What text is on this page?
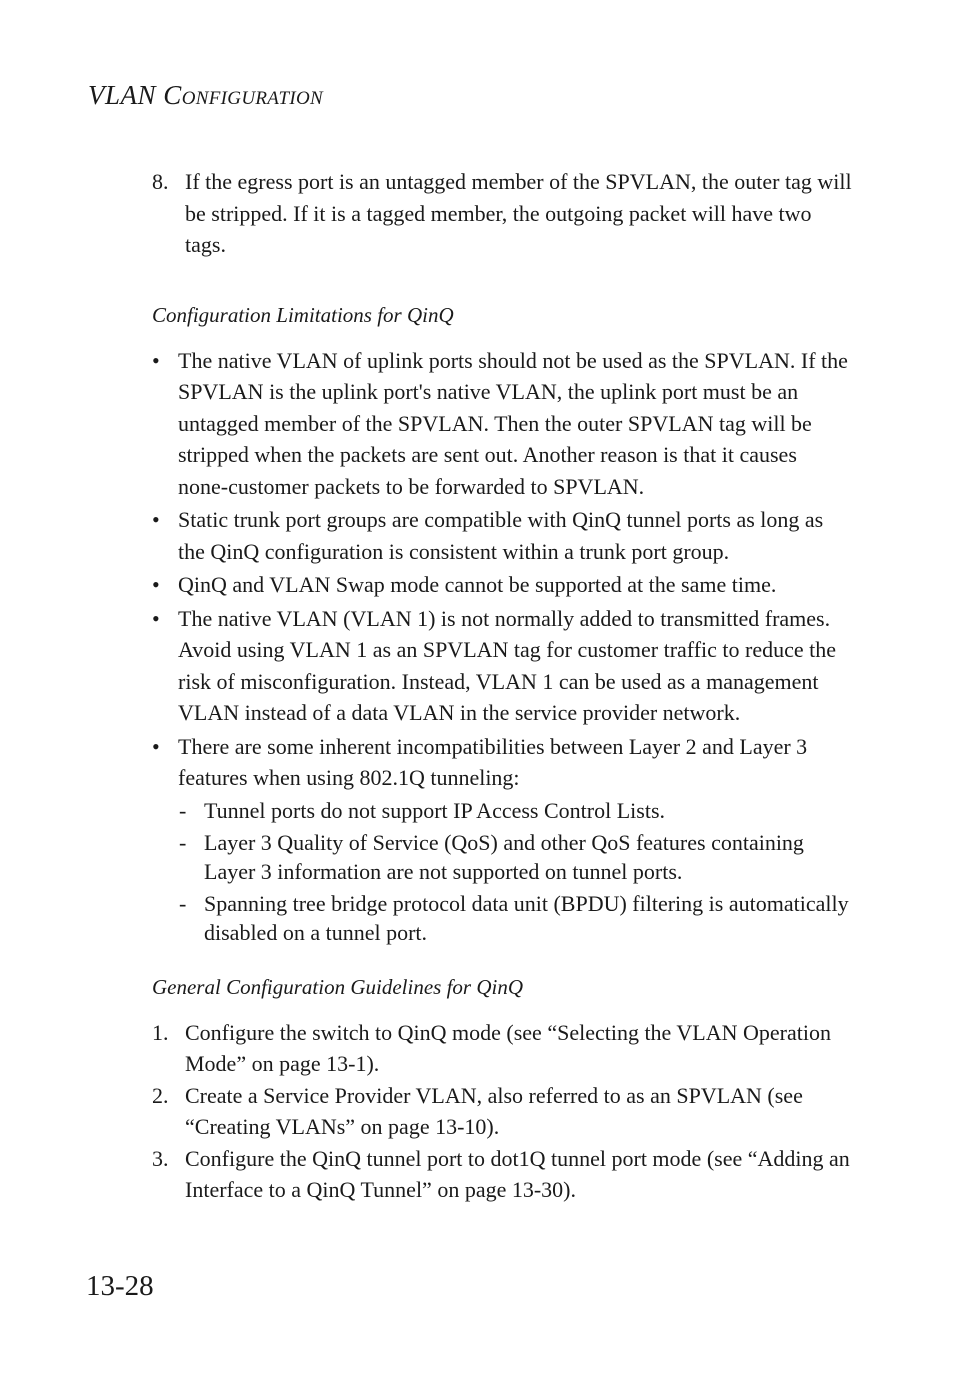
VLAN CONFIGURATION
8. If the egress port is an untagged member of the SPVLAN, the outer tag will be stripped. If it is a tagged member, the outgoing packet will have two tags.

Configuration Limitations for QinQ

• The native VLAN of uplink ports should not be used as the SPVLAN. If the SPVLAN is the uplink port's native VLAN, the uplink port must be an untagged member of the SPVLAN. Then the outer SPVLAN tag will be stripped when the packets are sent out. Another reason is that it causes none-customer packets to be forwarded to SPVLAN.
• Static trunk port groups are compatible with QinQ tunnel ports as long as the QinQ configuration is consistent within a trunk port group.
• QinQ and VLAN Swap mode cannot be supported at the same time.
• The native VLAN (VLAN 1) is not normally added to transmitted frames. Avoid using VLAN 1 as an SPVLAN tag for customer traffic to reduce the risk of misconfiguration. Instead, VLAN 1 can be used as a management VLAN instead of a data VLAN in the service provider network.
• There are some inherent incompatibilities between Layer 2 and Layer 3 features when using 802.1Q tunneling:
- Tunnel ports do not support IP Access Control Lists.
- Layer 3 Quality of Service (QoS) and other QoS features containing Layer 3 information are not supported on tunnel ports.
- Spanning tree bridge protocol data unit (BPDU) filtering is automatically disabled on a tunnel port.

General Configuration Guidelines for QinQ

1. Configure the switch to QinQ mode (see “Selecting the VLAN Operation Mode” on page 13-1).
2. Create a Service Provider VLAN, also referred to as an SPVLAN (see “Creating VLANs” on page 13-10).
3. Configure the QinQ tunnel port to dot1Q tunnel port mode (see “Adding an Interface to a QinQ Tunnel” on page 13-30).
13-28
